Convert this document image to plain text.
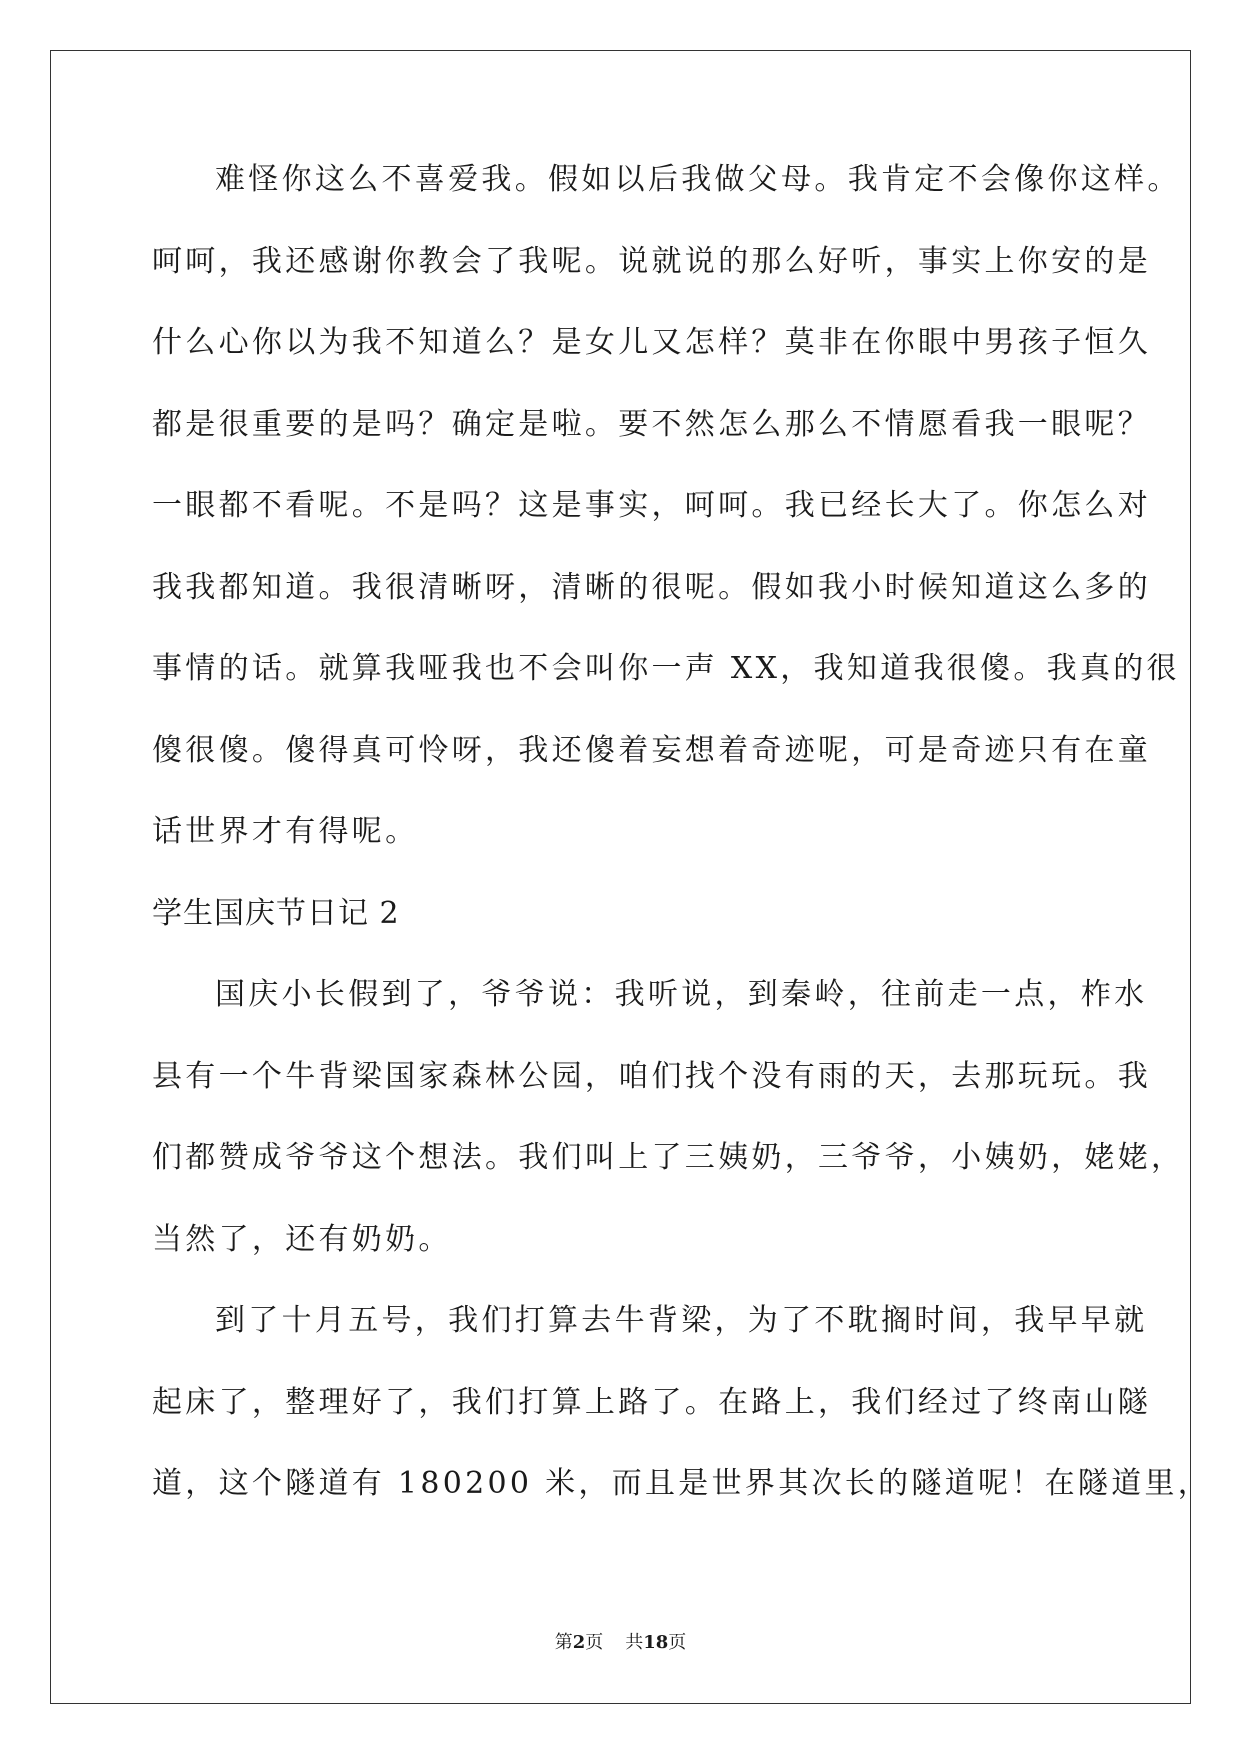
难怪你这么不喜爱我。假如以后我做父母。我肯定不会像你这样。
呵呵，我还感谢你教会了我呢。说就说的那么好听，事实上你安的是
什么心你以为我不知道么？是女儿又怎样？莫非在你眼中男孩子恒久
都是很重要的是吗？确定是啦。要不然怎么那么不情愿看我一眼呢？
一眼都不看呢。不是吗？这是事实，呵呵。我已经长大了。你怎么对
我我都知道。我很清晰呀，清晰的很呢。假如我小时候知道这么多的
事情的话。就算我哑我也不会叫你一声 XX，我知道我很傻。我真的很
傻很傻。傻得真可怜呀，我还傻着妄想着奇迹呢，可是奇迹只有在童
话世界才有得呢。
学生国庆节日记 2
国庆小长假到了，爷爷说：我听说，到秦岭，往前走一点，柞水
县有一个牛背梁国家森林公园，咱们找个没有雨的天，去那玩玩。我
们都赞成爷爷这个想法。我们叫上了三姨奶，三爷爷，小姨奶，姥姥，
当然了，还有奶奶。
到了十月五号，我们打算去牛背梁，为了不耽搁时间，我早早就
起床了，整理好了，我们打算上路了。在路上，我们经过了终南山隧
道，这个隧道有 180200 米，而且是世界其次长的隧道呢！在隧道里，
第2页 共18页
